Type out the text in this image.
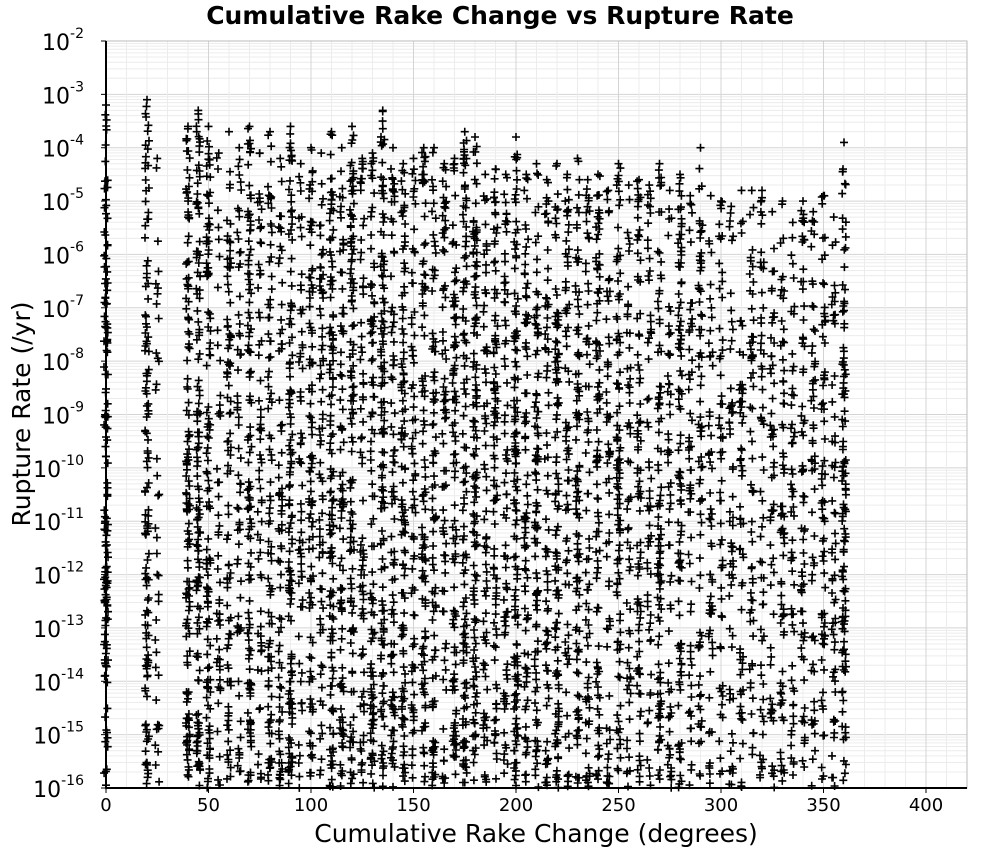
Cumulative Rake Change vs Rupture Rate
$10^{-16}$
$10^{-15}$
$10^{-14}$
$10^{-13}$
$10^{-12}$
$10^{-11}$
$10^{-10}$
$10^{-9}$
$10^{-8}$
$10^{-7}$
$10^{-6}$
$10^{-5}$
$10^{-4}$
$10^{-3}$
$10^{-2}$
0	50	100	150	200	250	300	350	400
Cumulative Rake Change (degrees)
Rupture Rate (/yr)
